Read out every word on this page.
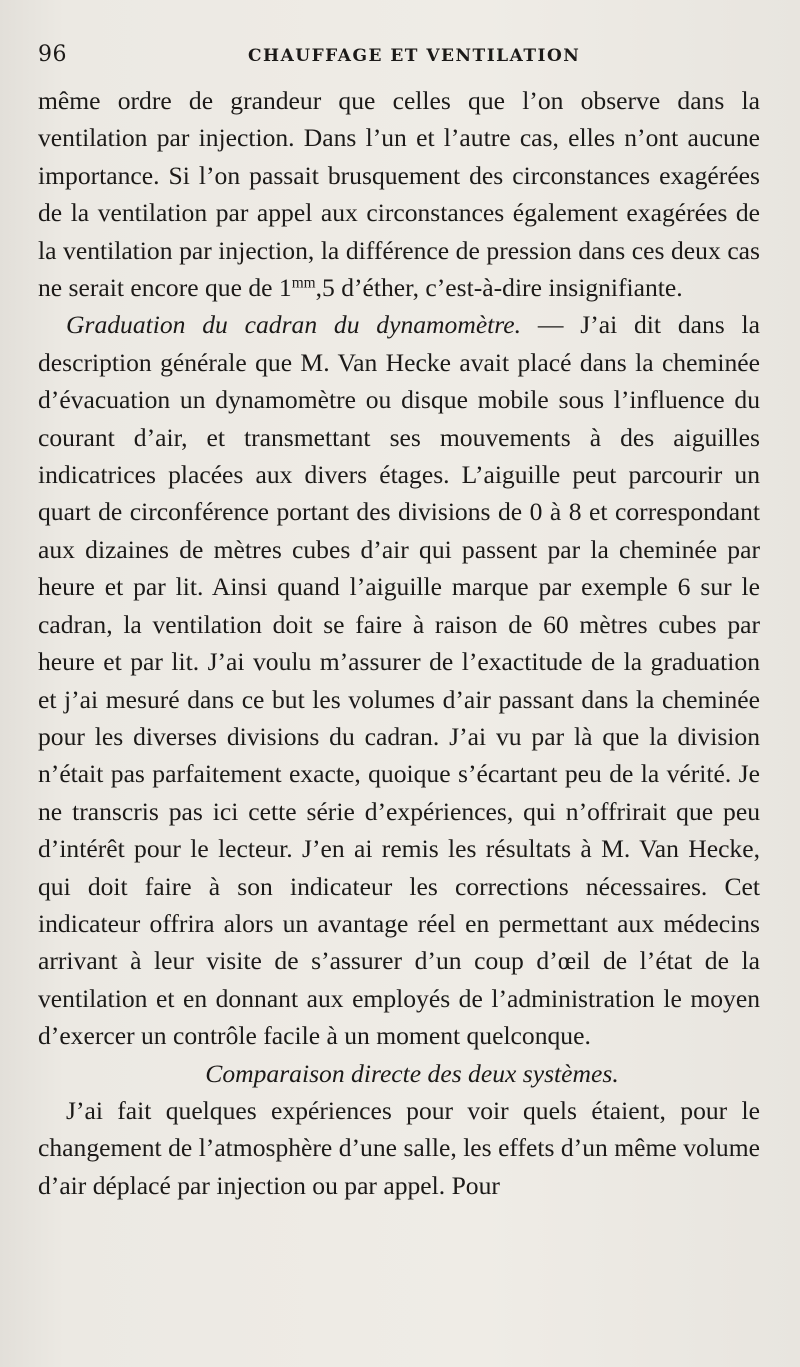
96	CHAUFFAGE ET VENTILATION

même ordre de grandeur que celles que l’on observe dans la ventilation par injection. Dans l’un et l’autre cas, elles n’ont aucune importance. Si l’on passait brusquement des circonstances exagérées de la ventilation par appel aux circonstances également exagérées de la ventilation par injection, la différence de pression dans ces deux cas ne serait encore que de $1^{mm},5$ d’éther, c’est-à-dire insignifiante.

Graduation du cadran du dynamomètre. — J’ai dit dans la description générale que M. Van Hecke avait placé dans la cheminée d’évacuation un dynamomètre ou disque mobile sous l’influence du courant d’air, et transmettant ses mouvements à des aiguilles indicatrices placées aux divers étages. L’aiguille peut parcourir un quart de circonférence portant des divisions de 0 à 8 et correspondant aux dizaines de mètres cubes d’air qui passent par la cheminée par heure et par lit. Ainsi quand l’aiguille marque par exemple 6 sur le cadran, la ventilation doit se faire à raison de 60 mètres cubes par heure et par lit. J’ai voulu m’assurer de l’exactitude de la graduation et j’ai mesuré dans ce but les volumes d’air passant dans la cheminée pour les diverses divisions du cadran. J’ai vu par là que la division n’était pas parfaitement exacte, quoique s’écartant peu de la vérité. Je ne transcris pas ici cette série d’expériences, qui n’offrirait que peu d’intérêt pour le lecteur. J’en ai remis les résultats à M. Van Hecke, qui doit faire à son indicateur les corrections nécessaires. Cet indicateur offrira alors un avantage réel en permettant aux médecins arrivant à leur visite de s’assurer d’un coup d’œil de l’état de la ventilation et en donnant aux employés de l’administration le moyen d’exercer un contrôle facile à un moment quelconque.

Comparaison directe des deux systèmes.

J’ai fait quelques expériences pour voir quels étaient, pour le changement de l’atmosphère d’une salle, les effets d’un même volume d’air déplacé par injection ou par appel. Pour
